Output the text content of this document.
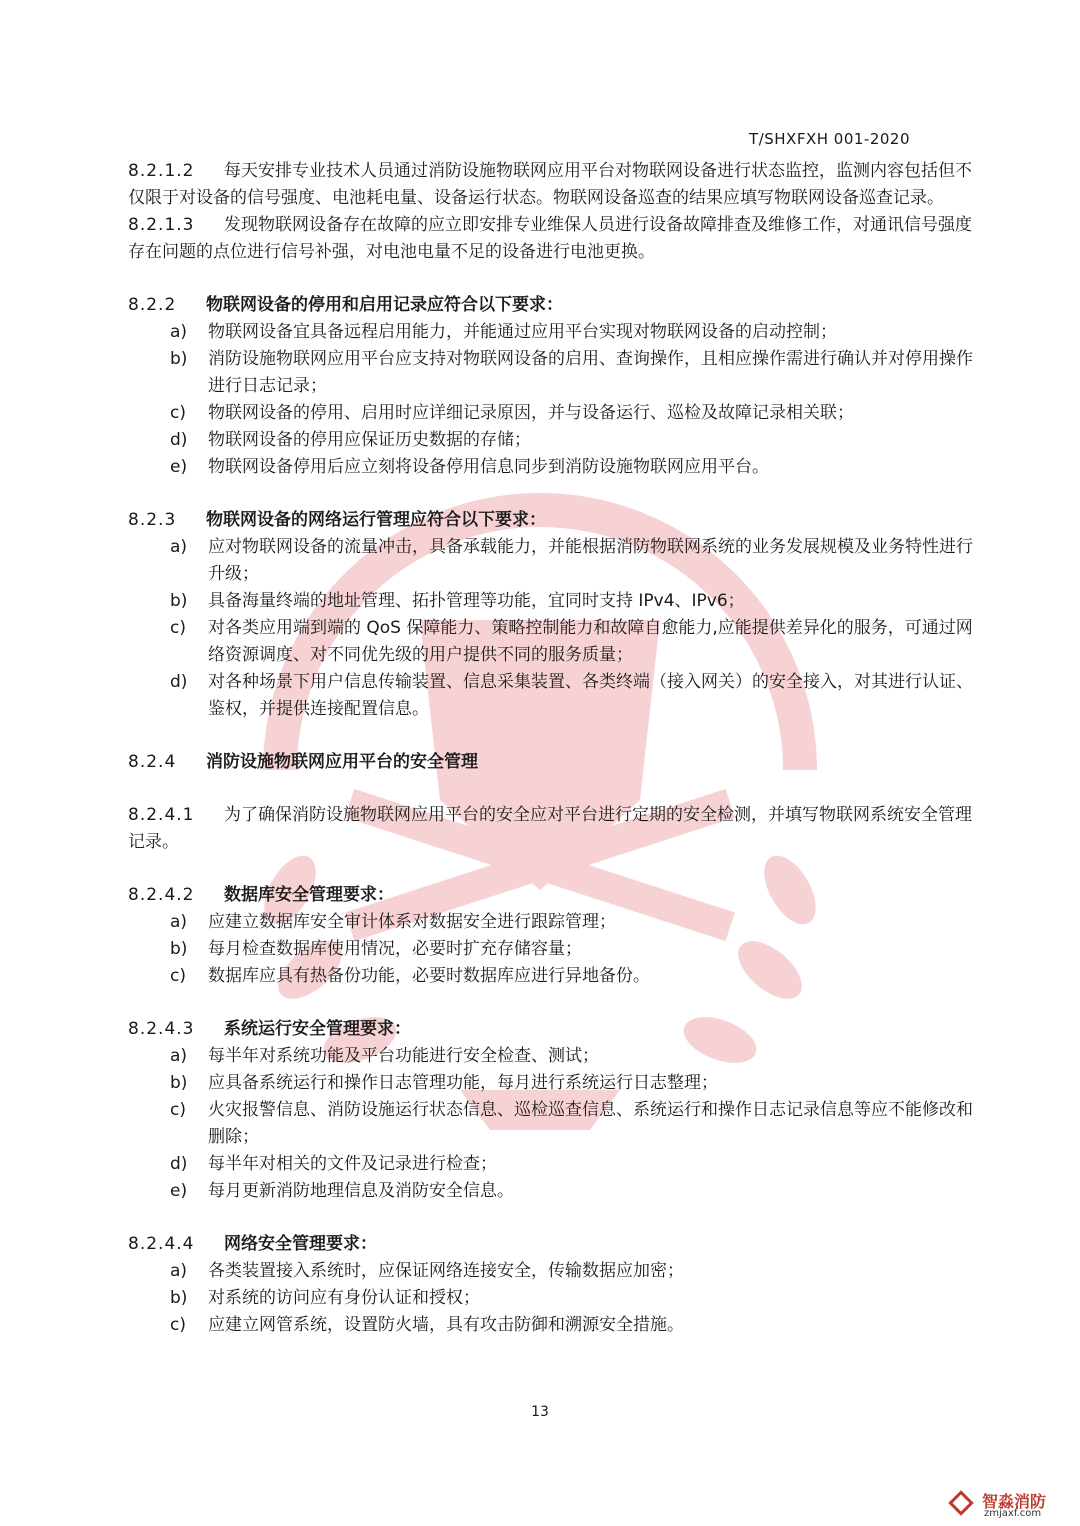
T/SHXFXH 001-2020

8.2.1.2 每天安排专业技术人员通过消防设施物联网应用平台对物联网设备进行状态监控，监测内容包括但不仅限于对设备的信号强度、电池耗电量、设备运行状态。物联网设备巡查的结果应填写物联网设备巡查记录。

8.2.1.3 发现物联网设备存在故障的应立即安排专业维保人员进行设备故障排查及维修工作，对通讯信号强度存在问题的点位进行信号补强，对电池电量不足的设备进行电池更换。

8.2.2 物联网设备的停用和启用记录应符合以下要求：

a) 物联网设备宜具备远程启用能力，并能通过应用平台实现对物联网设备的启动控制；
b) 消防设施物联网应用平台应支持对物联网设备的启用、查询操作，且相应操作需进行确认并对停用操作进行日志记录；
c) 物联网设备的停用、启用时应详细记录原因，并与设备运行、巡检及故障记录相关联；
d) 物联网设备的停用应保证历史数据的存储；
e) 物联网设备停用后应立刻将设备停用信息同步到消防设施物联网应用平台。

8.2.3 物联网设备的网络运行管理应符合以下要求：

a) 应对物联网设备的流量冲击，具备承载能力，并能根据消防物联网系统的业务发展规模及业务特性进行升级；
b) 具备海量终端的地址管理、拓扑管理等功能，宜同时支持 IPv4、IPv6；
c) 对各类应用端到端的 QoS 保障能力、策略控制能力和故障自愈能力,应能提供差异化的服务，可通过网络资源调度、对不同优先级的用户提供不同的服务质量；
d) 对各种场景下用户信息传输装置、信息采集装置、各类终端（接入网关）的安全接入，对其进行认证、鉴权，并提供连接配置信息。

8.2.4 消防设施物联网应用平台的安全管理

8.2.4.1 为了确保消防设施物联网应用平台的安全应对平台进行定期的安全检测，并填写物联网系统安全管理记录。

8.2.4.2 数据库安全管理要求：

a) 应建立数据库安全审计体系对数据安全进行跟踪管理；
b) 每月检查数据库使用情况，必要时扩充存储容量；
c) 数据库应具有热备份功能，必要时数据库应进行异地备份。

8.2.4.3 系统运行安全管理要求：

a) 每半年对系统功能及平台功能进行安全检查、测试；
b) 应具备系统运行和操作日志管理功能，每月进行系统运行日志整理；
c) 火灾报警信息、消防设施运行状态信息、巡检巡查信息、系统运行和操作日志记录信息等应不能修改和删除；
d) 每半年对相关的文件及记录进行检查；
e) 每月更新消防地理信息及消防安全信息。

8.2.4.4 网络安全管理要求：

a) 各类装置接入系统时，应保证网络连接安全，传输数据应加密；
b) 对系统的访问应有身份认证和授权；
c) 应建立网管系统，设置防火墙，具有攻击防御和溯源安全措施。
13
智淼消防
zmjaxf.com
